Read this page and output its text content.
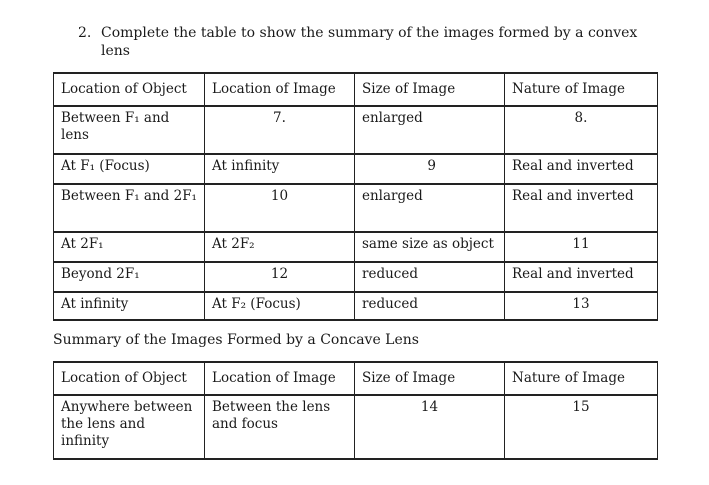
2. Complete the table to show the summary of the images formed by a convex lens
Location of Object	Location of Image	Size of Image	Nature of Image
Between F₁ and lens	7.	enlarged	8.
At F₁ (Focus)	At infinity	9	Real and inverted
Between F₁ and 2F₁	10	enlarged	Real and inverted
At 2F₁	At 2F₂	same size as object	11
Beyond 2F₁	12	reduced	Real and inverted
At infinity	At F₂ (Focus)	reduced	13
Summary of the Images Formed by a Concave Lens
Location of Object	Location of Image	Size of Image	Nature of Image
Anywhere between the lens and infinity	Between the lens and focus	14	15
